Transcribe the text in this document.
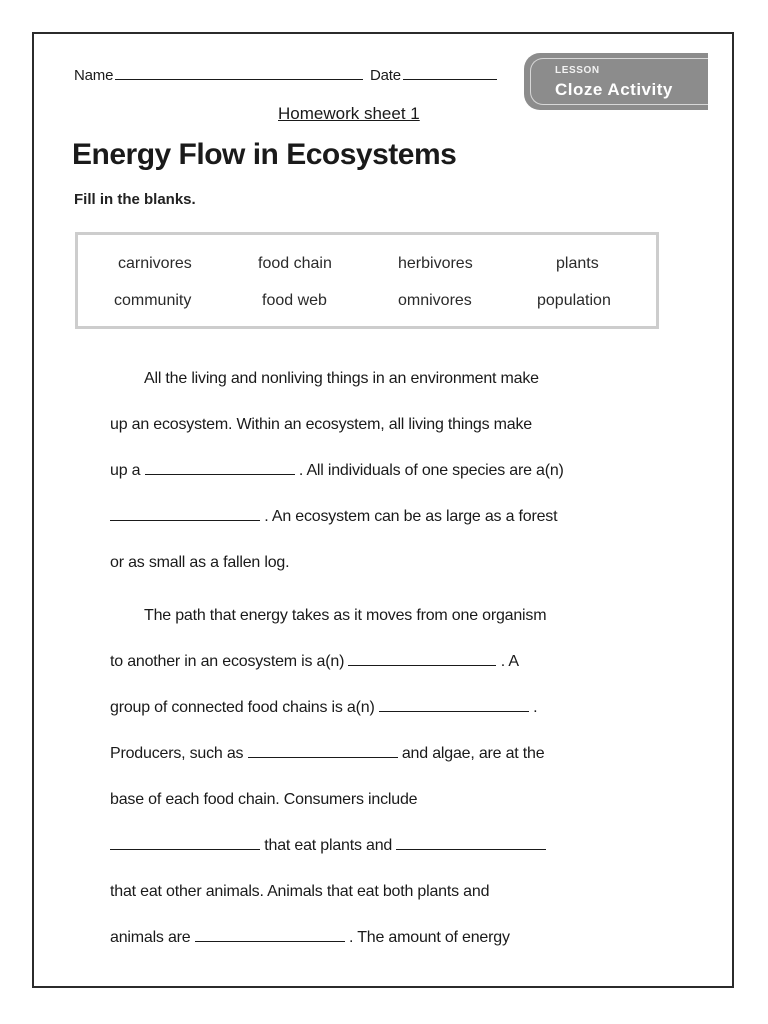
Name	Date	LESSON
Cloze Activity
Homework sheet 1
Energy Flow in Ecosystems
Fill in the blanks.
carnivores	food chain	herbivores	plants
community	food web	omnivores	population
All the living and nonliving things in an environment make
up an ecosystem. Within an ecosystem, all living things make
up a	. All individuals of one species are a(n)
. An ecosystem can be as large as a forest
or as small as a fallen log.
The path that energy takes as it moves from one organism
to another in an ecosystem is a(n)	. A
group of connected food chains is a(n)	.
Producers, such as	and algae, are at the
base of each food chain. Consumers include
that eat plants and
that eat other animals. Animals that eat both plants and
animals are	. The amount of energy
